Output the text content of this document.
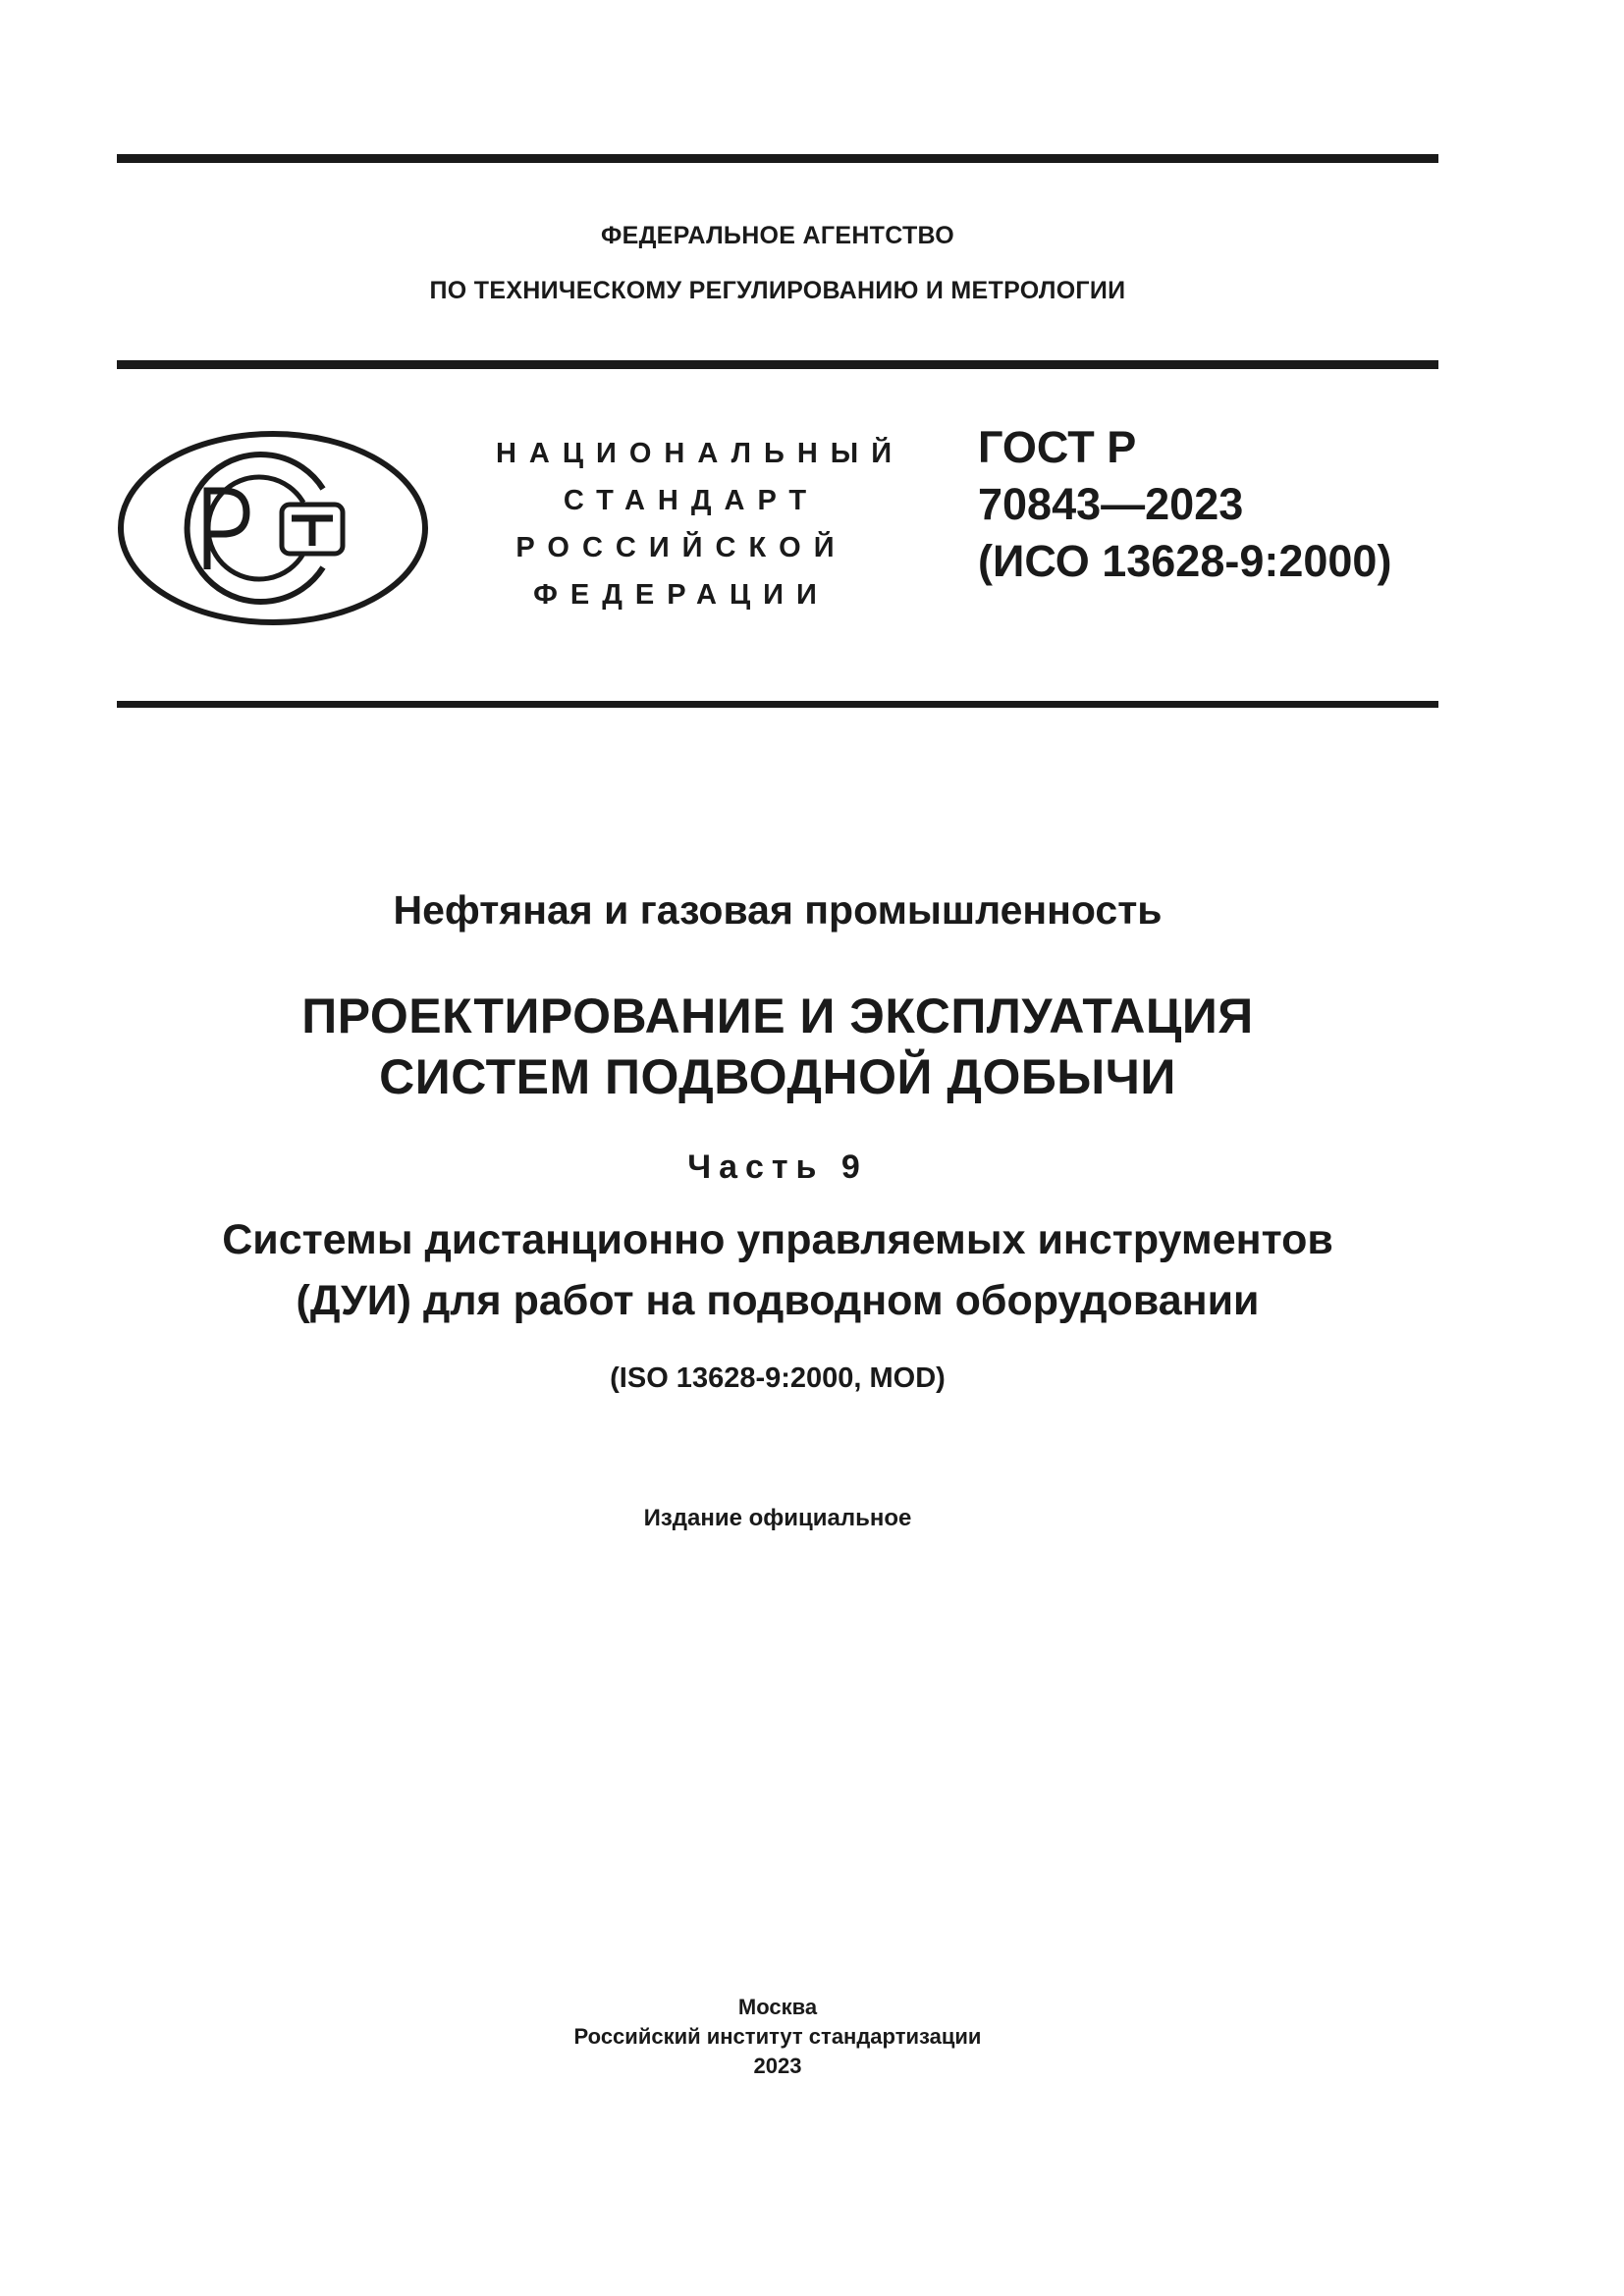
ФЕДЕРАЛЬНОЕ АГЕНТСТВО
ПО ТЕХНИЧЕСКОМУ РЕГУЛИРОВАНИЮ И МЕТРОЛОГИИ
НАЦИОНАЛЬНЫЙ
СТАНДАРТ
РОССИЙСКОЙ
ФЕДЕРАЦИИ
ГОСТ Р
70843—2023
(ИСО 13628-9:2000)
Нефтяная и газовая промышленность
ПРОЕКТИРОВАНИЕ И ЭКСПЛУАТАЦИЯ
СИСТЕМ ПОДВОДНОЙ ДОБЫЧИ
Часть 9
Системы дистанционно управляемых инструментов
(ДУИ) для работ на подводном оборудовании
(ISO 13628-9:2000, MOD)
Издание официальное
Москва
Российский институт стандартизации
2023
